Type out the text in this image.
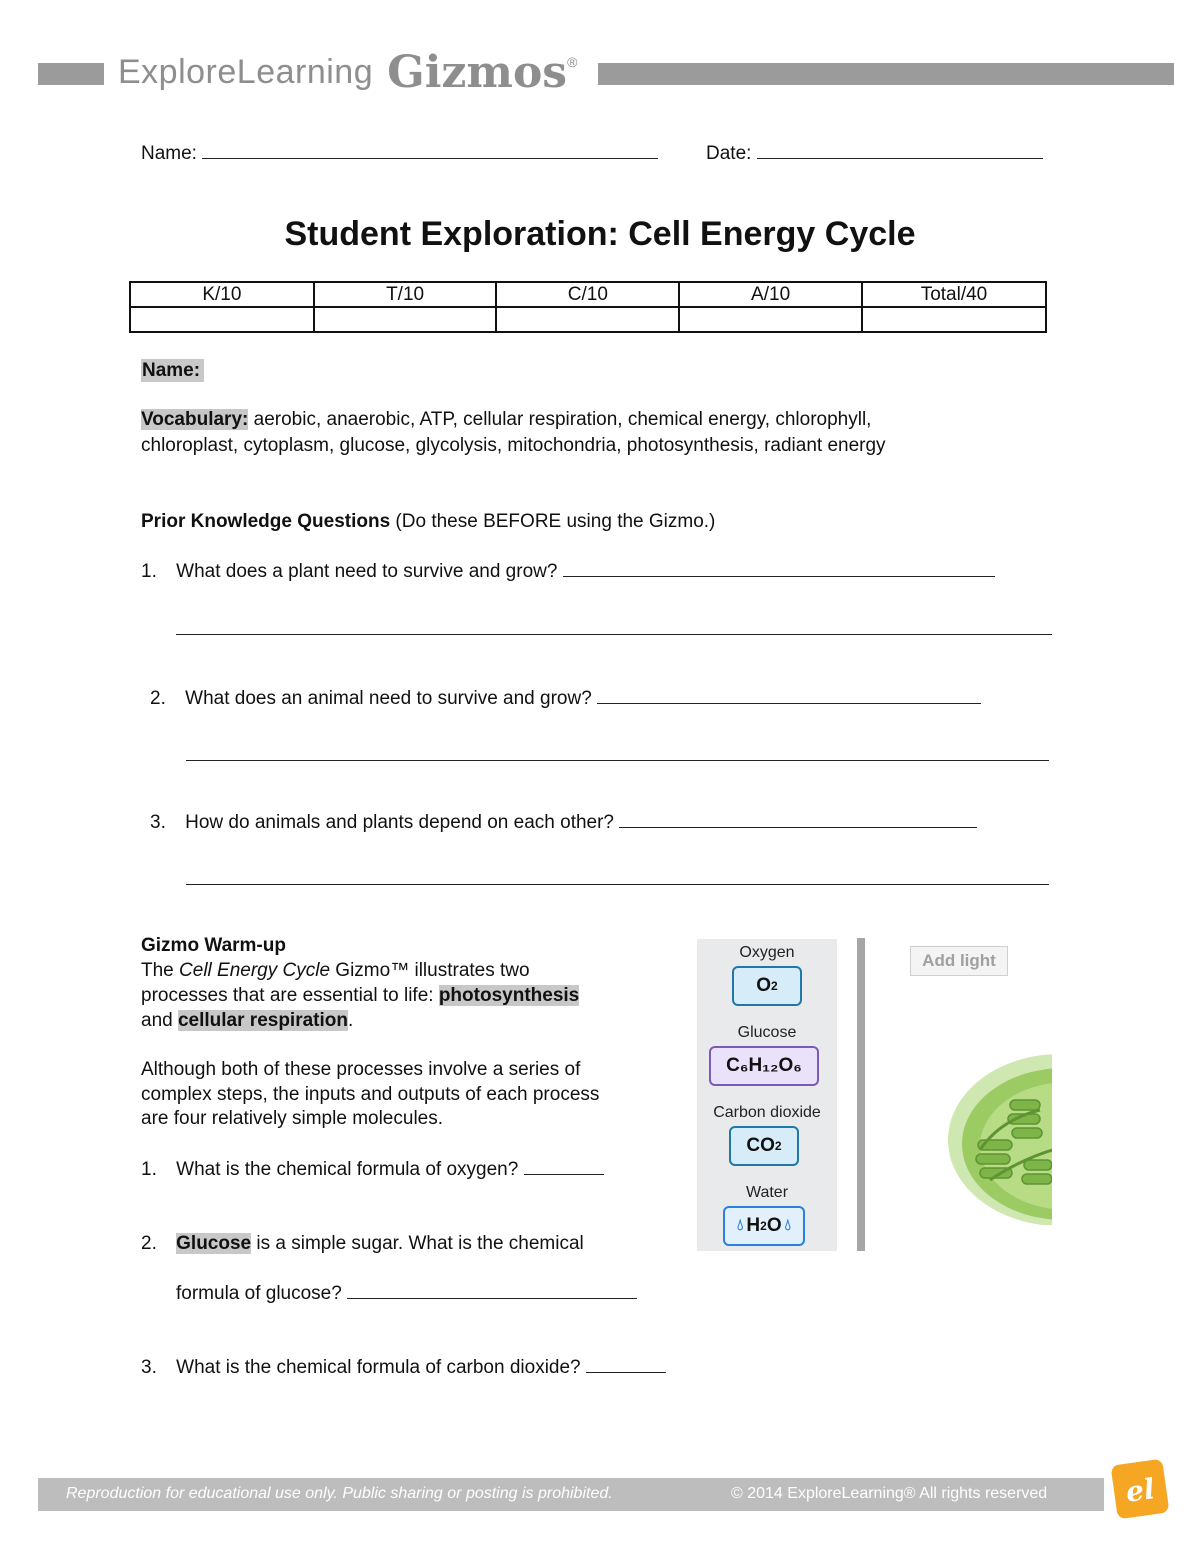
Explore Learning Gizmos ®
Name:	Date:
Student Exploration: Cell Energy Cycle
K/10	T/10	C/10	A/10	Total/40

Name:
Vocabulary: aerobic, anaerobic, ATP, cellular respiration, chemical energy, chlorophyll,
chloroplast, cytoplasm, glucose, glycolysis, mitochondria, photosynthesis, radiant energy
Prior Knowledge Questions (Do these BEFORE using the Gizmo.)
1. What does a plant need to survive and grow?
2. What does an animal need to survive and grow?
3. How do animals and plants depend on each other?
Gizmo Warm-up
The Cell Energy Cycle Gizmo™ illustrates two
processes that are essential to life: photosynthesis
and cellular respiration.
Although both of these processes involve a series of
complex steps, the inputs and outputs of each process
are four relatively simple molecules.
1. What is the chemical formula of oxygen?
2. Glucose is a simple sugar. What is the chemical
formula of glucose?
3. What is the chemical formula of carbon dioxide?
Oxygen
O 2
Glucose
C₆H₁₂O₆
Carbon dioxide
CO 2
Water
💧︎ H 2 O 💧︎
Add light
Reproduction for educational use only. Public sharing or posting is prohibited.	© 2014 ExploreLearning® All rights reserved	el
